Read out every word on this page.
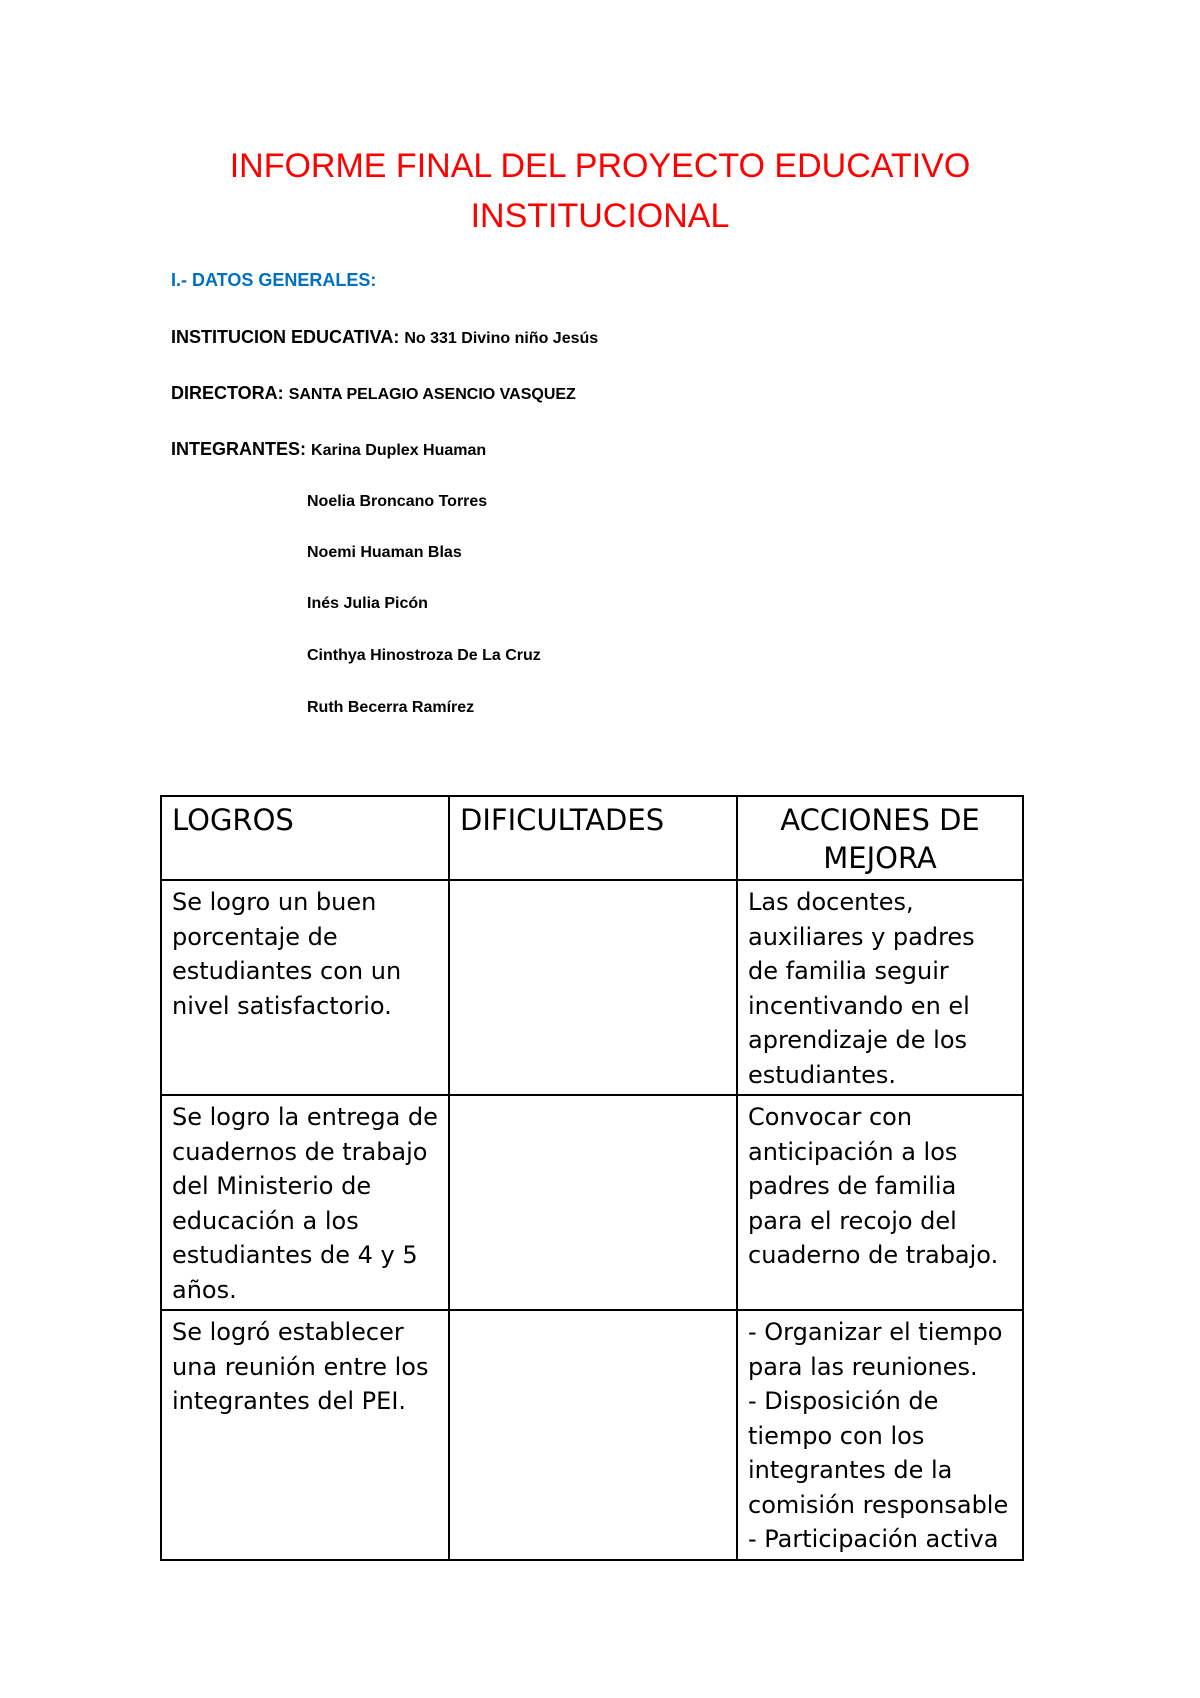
INFORME FINAL DEL PROYECTO EDUCATIVO
INSTITUCIONAL
I.- DATOS GENERALES:
INSTITUCION EDUCATIVA: No 331 Divino niño Jesús
DIRECTORA: SANTA PELAGIO ASENCIO VASQUEZ
INTEGRANTES: Karina Duplex Huaman
Noelia Broncano Torres
Noemi Huaman Blas
Inés Julia Picón
Cinthya Hinostroza De La Cruz
Ruth Becerra Ramírez
LOGROS	DIFICULTADES	ACCIONES DE MEJORA
Se logro un buen porcentaje de estudiantes con un nivel satisfactorio.		Las docentes, auxiliares y padres de familia seguir incentivando en el aprendizaje de los estudiantes.
Se logro la entrega de cuadernos de trabajo del Ministerio de educación a los estudiantes de 4 y 5 años.		Convocar con anticipación a los padres de familia para el recojo del cuaderno de trabajo.
Se logró establecer una reunión entre los integrantes del PEI.		- Organizar el tiempo para las reuniones.
- Disposición de tiempo con los integrantes de la comisión responsable
- Participación activa
